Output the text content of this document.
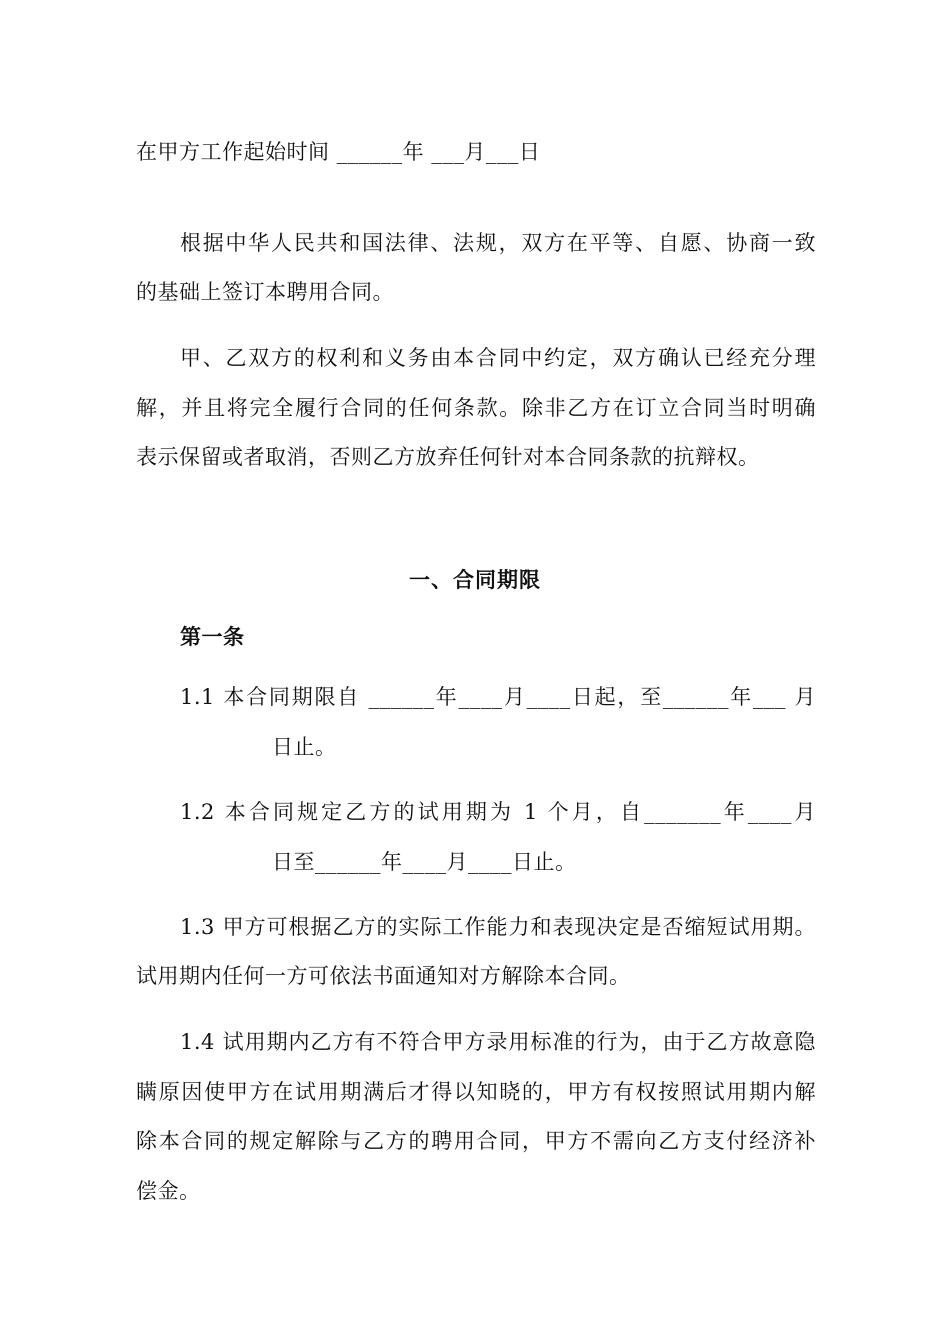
在甲方工作起始时间 ______年 ___月___日
根据中华人民共和国法律、法规，双方在平等、自愿、协商一致
的基础上签订本聘用合同。
甲、乙双方的权利和义务由本合同中约定，双方确认已经充分理
解，并且将完全履行合同的任何条款。除非乙方在订立合同当时明确
表示保留或者取消，否则乙方放弃任何针对本合同条款的抗辩权。
一、合同期限
第一条
1.1 本合同期限自 ______年____月____日起，至______年___ 月
日止。
1.2 本合同规定乙方的试用期为 1 个月，自_______年____月
日至______年____月____日止。
1.3 甲方可根据乙方的实际工作能力和表现决定是否缩短试用期。
试用期内任何一方可依法书面通知对方解除本合同。
1.4 试用期内乙方有不符合甲方录用标准的行为，由于乙方故意隐
瞒原因使甲方在试用期满后才得以知晓的，甲方有权按照试用期内解
除本合同的规定解除与乙方的聘用合同，甲方不需向乙方支付经济补
偿金。
